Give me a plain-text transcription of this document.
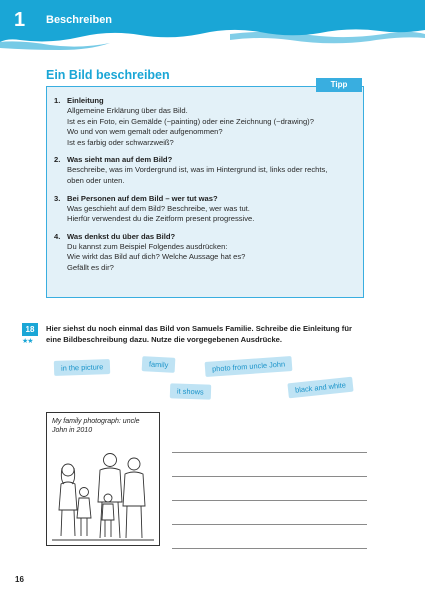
1 Beschreiben
Ein Bild beschreiben
Tipp
1. Einleitung
Allgemeine Erklärung über das Bild.
Ist es ein Foto, ein Gemälde (~painting) oder eine Zeichnung (~drawing)?
Wo und von wem gemalt oder aufgenommen?
Ist es farbig oder schwarzweiß?
2. Was sieht man auf dem Bild?
Beschreibe, was im Vordergrund ist, was im Hintergrund ist, links oder rechts,
oben oder unten.
3. Bei Personen auf dem Bild – wer tut was?
Was geschieht auf dem Bild? Beschreibe, wer was tut.
Hierfür verwendest du die Zeitform present progressive.
4. Was denkst du über das Bild?
Du kannst zum Beispiel Folgendes ausdrücken:
Wie wirkt das Bild auf dich? Welche Aussage hat es?
Gefällt es dir?
18
★★
Hier siehst du noch einmal das Bild von Samuels Familie. Schreibe die Einleitung für eine Bildbeschreibung dazu. Nutze die vorgegebenen Ausdrücke.
in the picture	family	photo from uncle John
it shows	black and white
My family photograph: uncle John in 2010
16
